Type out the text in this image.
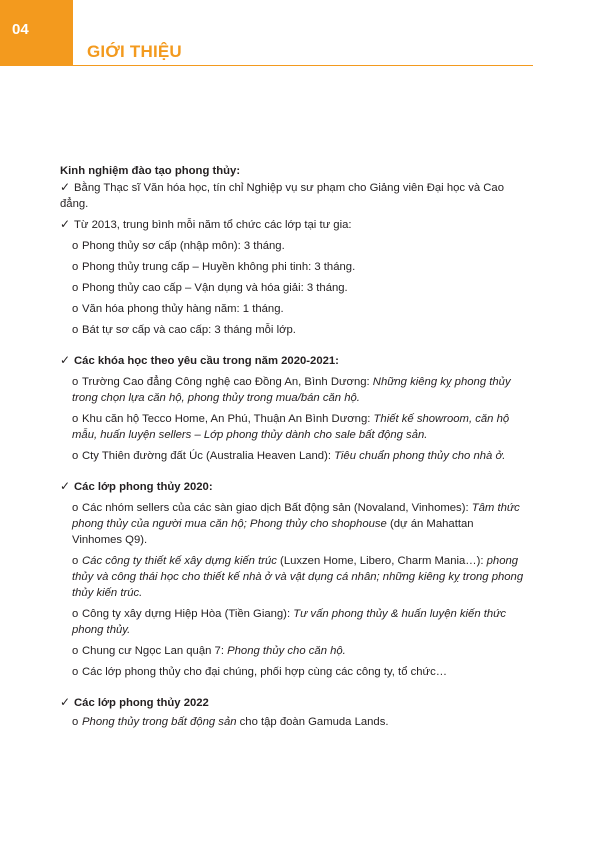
04
GIỚI THIỆU

Kinh nghiệm đào tạo phong thủy:

✓ Bằng Thạc sĩ Văn hóa học, tín chỉ Nghiệp vụ sư phạm cho Giảng viên Đại học và Cao đẳng.

✓ Từ 2013, trung bình mỗi năm tổ chức các lớp tại tư gia:

o Phong thủy sơ cấp (nhập môn): 3 tháng.

o Phong thủy trung cấp – Huyền không phi tinh: 3 tháng.

o Phong thủy cao cấp – Vận dụng và hóa giải: 3 tháng.

o Văn hóa phong thủy hàng năm: 1 tháng.

o Bát tự sơ cấp và cao cấp: 3 tháng mỗi lớp.

✓ Các khóa học theo yêu cầu trong năm 2020-2021:

o Trường Cao đẳng Công nghệ cao Đồng An, Bình Dương: Những kiêng kỵ phong thủy trong chọn lựa căn hộ, phong thủy trong mua/bán căn hộ.

o Khu căn hộ Tecco Home, An Phú, Thuận An Bình Dương: Thiết kế showroom, căn hộ mẫu, huấn luyện sellers – Lớp phong thủy dành cho sale bất động sản.

o Cty Thiên đường đất Úc (Australia Heaven Land): Tiêu chuẩn phong thủy cho nhà ở.

✓ Các lớp phong thủy 2020:

o Các nhóm sellers của các sàn giao dịch Bất động sản (Novaland, Vinhomes): Tâm thức phong thủy của người mua căn hộ; Phong thủy cho shophouse (dự án Mahattan Vinhomes Q9).

o Các công ty thiết kế xây dựng kiến trúc (Luxzen Home, Libero, Charm Mania…): phong thủy và công thái học cho thiết kế nhà ở và vật dụng cá nhân; những kiêng kỵ trong phong thủy kiến trúc.

o Công ty xây dựng Hiệp Hòa (Tiền Giang): Tư vấn phong thủy & huấn luyện kiến thức phong thủy.

o Chung cư Ngọc Lan quận 7: Phong thủy cho căn hộ.

o Các lớp phong thủy cho đại chúng, phối hợp cùng các công ty, tổ chức…

✓ Các lớp phong thủy 2022

o Phong thủy trong bất động sản cho tập đoàn Gamuda Lands.
